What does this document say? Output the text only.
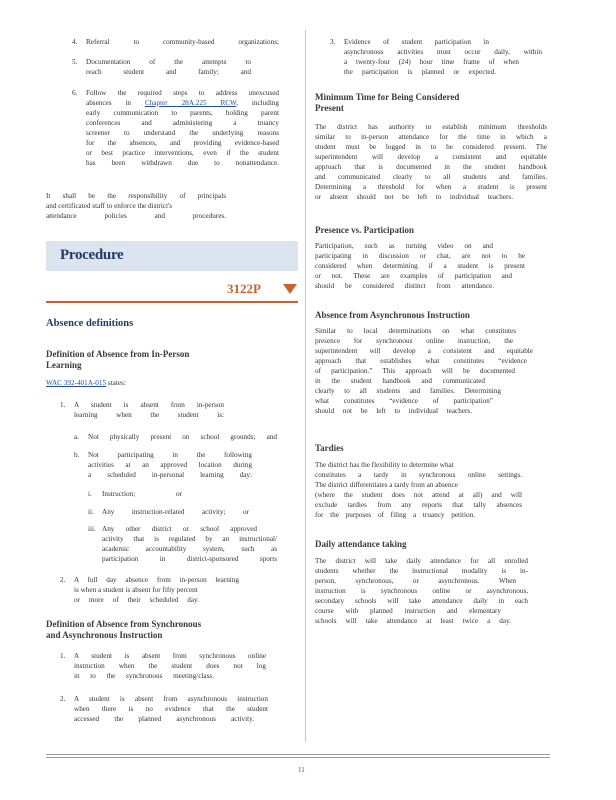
4. Referral to community-based organizations;
5. Documentation of the attempts to
reach student and family; and
6. Follow the required steps to address unexcused
absences in Chapter 28A.225 RCW, including
early communication to parents, holding parent
conferences and administering a truancy
screener to understand the underlying reasons
for the absences, and providing evidence-based
or best practice interventions, even if the student
has been withdrawn due to nonattendance.
It shall be the responsibility of principals
and certificated staff to enforce the district's
attendance policies and procedures.
Procedure
3122P
Absence definitions
Definition of Absence from In-Person
Learning
WAC 392-401A-015 states:
1. A student is absent from in-person
learning when the student is:
a. Not physically present on school grounds; and
b. Not participating in the following
activities at an approved location during
a scheduled in-personal learning day:
i. Instruction; or
ii. Any instruction-related activity; or
iii. Any other district or school approved
activity that is regulated by an instructional/
academic accountability system, such as
participation in district-sponsored sports
2. A full day absence from in-person learning
is when a student is absent for fifty percent
or more of their scheduled day.
Definition of Absence from Synchronous
and Asynchronous Instruction
1. A student is absent from synchronous online
instruction when the student does not log
in to the synchronous meeting/class.
2. A student is absent from asynchronous instruction
when there is no evidence that the student
accessed the planned asynchronous activity.
3. Evidence of student participation in
asynchronous activities must occur daily, within
a twenty-four (24) hour time frame of when
the participation is planned or expected.
Minimum Time for Being Considered
Present
The district has authority to establish minimum thresholds
similar to in-person attendance for the time in which a
student must be logged in to be considered present. The
superintendent will develop a consistent and equitable
approach that is documented in the student handbook
and communicated clearly to all students and families.
Determining a threshold for when a student is present
or absent should not be left to individual teachers.
Presence vs. Participation
Participation, such as turning video on and
participating in discussion or chat, are not to be
considered when determining if a student is present
or not. These are examples of participation and
should be considered distinct from attendance.
Absence from Asynchronous Instruction
Similar to local determinations on what constitutes
presence for synchronous online instruction, the
superintendent will develop a consistent and equitable
approach that establishes what constitutes “evidence
of participation.” This approach will be documented
in the student handbook and communicated
clearly to all students and families. Determining
what constitutes “evidence of participation”
should not be left to individual teachers.
Tardies
The district has the flexibility to determine what
constitutes a tardy in synchronous online settings.
The district differentiates a tardy from an absence
(where the student does not attend at all) and will
exclude tardies from any reports that tally absences
for the purposes of filing a truancy petition.
Daily attendance taking
The district will take daily attendance for all enrolled
students whether the instructional modality is in-
person, synchronous, or asynchronous. When
instruction is synchronous online or asynchronous,
secondary schools will take attendance daily in each
course with planned instruction and elementary
schools will take attendance at least twice a day.
11
